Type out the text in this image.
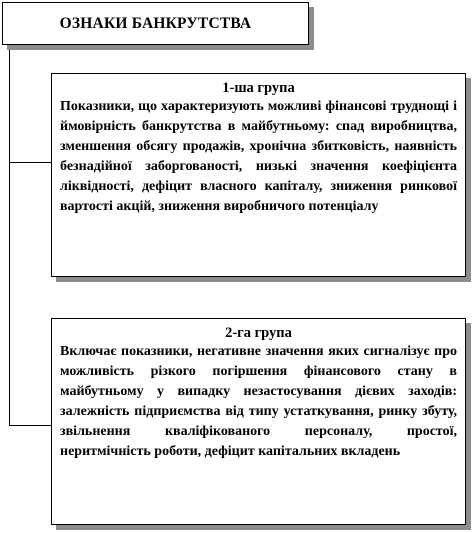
ОЗНАКИ БАНКРУТСТВА
1-ша група
Показники, що характеризують можливі фінансові труднощі і ймовірність банкрутства в майбутньому: спад виробництва, зменшення обсягу продажів, хронічна збитковість, наявність безнадійної заборгованості, низькі значення коефіцієнта ліквідності, дефіцит власного капіталу, зниження ринкової вартості акцій, зниження виробничого потенціалу
2-га група
Включає показники, негативне значення яких сигналізує про можливість різкого погіршення фінансового стану в майбутньому у випадку незастосування дієвих заходів: залежність підприємства від типу устаткування, ринку збуту, звільнення кваліфікованого персоналу, простої, неритмічність роботи, дефіцит капітальних вкладень
